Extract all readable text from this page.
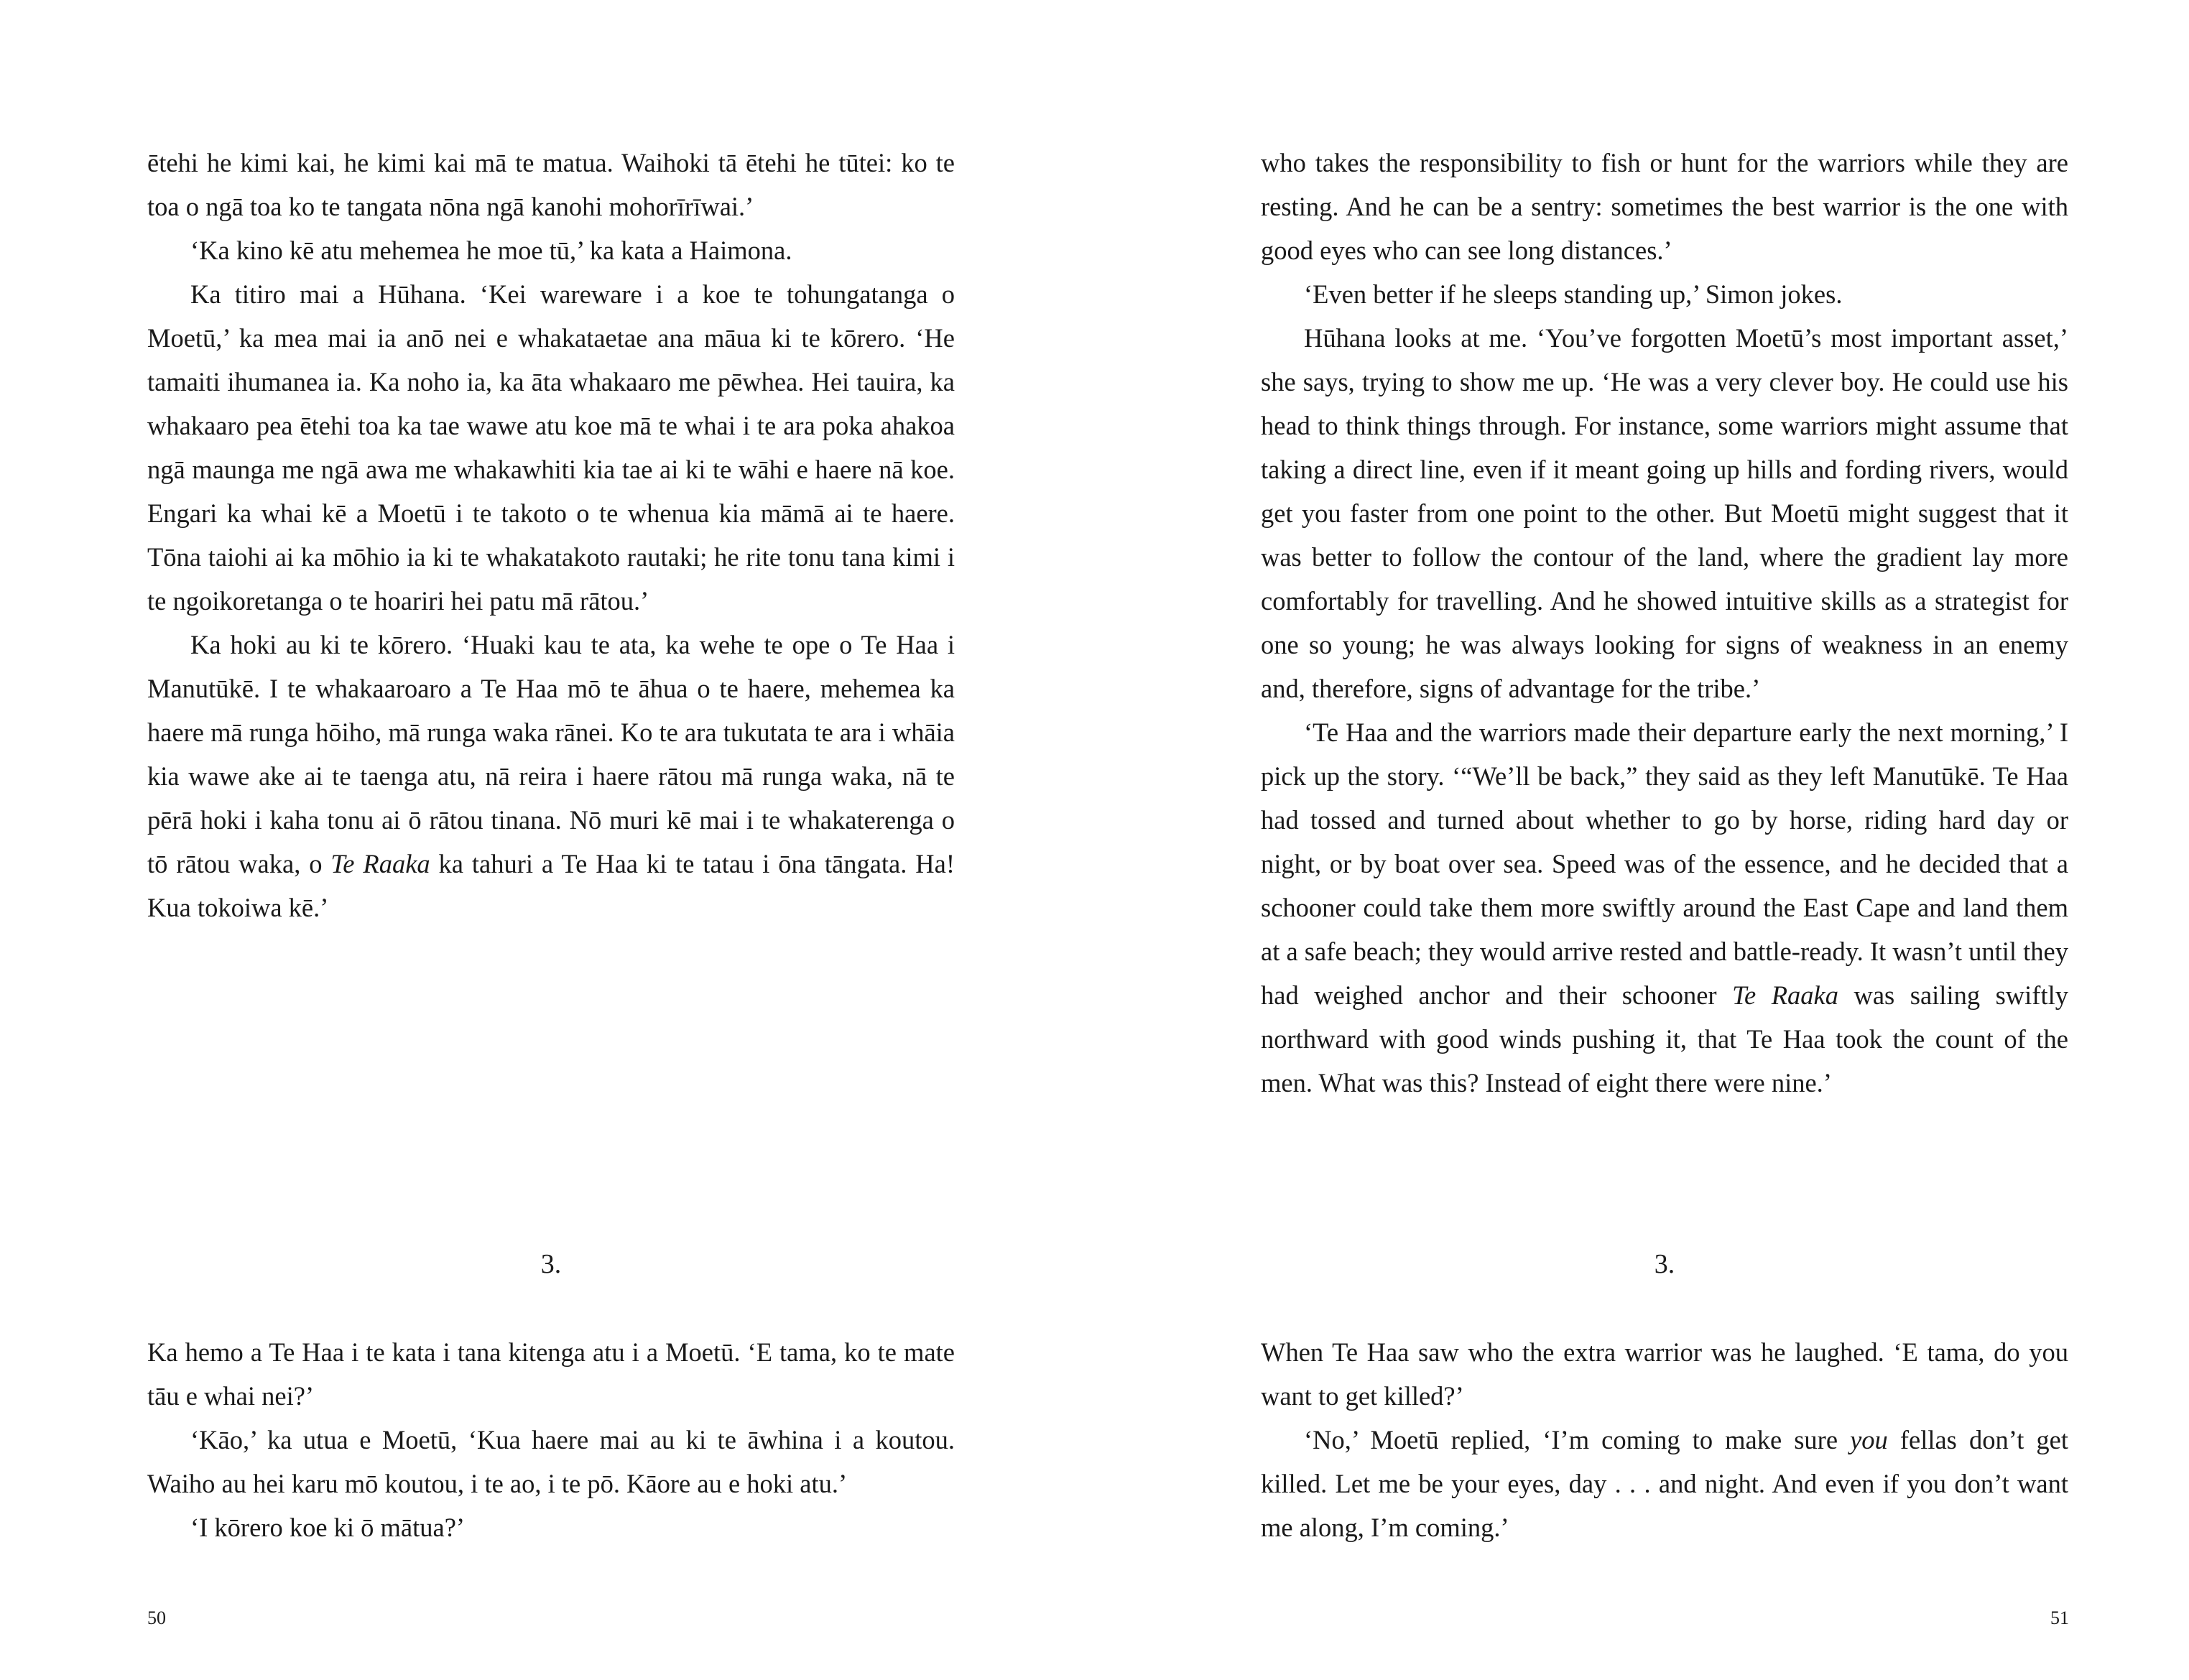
ētehi he kimi kai, he kimi kai mā te matua. Waihoki tā ētehi he tūtei: ko te toa o ngā toa ko te tangata nōna ngā kanohi mohorīrīwai.’

‘Ka kino kē atu mehemea he moe tū,’ ka kata a Haimona.

Ka titiro mai a Hūhana. ‘Kei wareware i a koe te tohungatanga o Moetū,’ ka mea mai ia anō nei e whakataetae ana māua ki te kōrero. ‘He tamaiti ihumanea ia. Ka noho ia, ka āta whakaaro me pēwhea. Hei tauira, ka whakaaro pea ētehi toa ka tae wawe atu koe mā te whai i te ara poka ahakoa ngā maunga me ngā awa me whakawhiti kia tae ai ki te wāhi e haere nā koe. Engari ka whai kē a Moetū i te takoto o te whenua kia māmā ai te haere. Tōna taiohi ai ka mōhio ia ki te whakatakoto rautaki; he rite tonu tana kimi i te ngoikoretanga o te hoariri hei patu mā rātou.’

Ka hoki au ki te kōrero. ‘Huaki kau te ata, ka wehe te ope o Te Haa i Manutūkē. I te whakaaroaro a Te Haa mō te āhua o te haere, mehemea ka haere mā runga hōiho, mā runga waka rānei. Ko te ara tukutata te ara i whāia kia wawe ake ai te taenga atu, nā reira i haere rātou mā runga waka, nā te pērā hoki i kaha tonu ai ō rātou tinana. Nō muri kē mai i te whakaterenga o tō rātou waka, o Te Raaka ka tahuri a Te Haa ki te tatau i ōna tāngata. Ha! Kua tokoiwa kē.’

3.

Ka hemo a Te Haa i te kata i tana kitenga atu i a Moetū. ‘E tama, ko te mate tāu e whai nei?’

‘Kāo,’ ka utua e Moetū, ‘Kua haere mai au ki te āwhina i a koutou. Waiho au hei karu mō koutou, i te ao, i te pō. Kāore au e hoki atu.’

‘I kōrero koe ki ō mātua?’

50

who takes the responsibility to fish or hunt for the warriors while they are resting. And he can be a sentry: sometimes the best warrior is the one with good eyes who can see long distances.’

‘Even better if he sleeps standing up,’ Simon jokes.

Hūhana looks at me. ‘You’ve forgotten Moetū’s most important asset,’ she says, trying to show me up. ‘He was a very clever boy. He could use his head to think things through. For instance, some warriors might assume that taking a direct line, even if it meant going up hills and fording rivers, would get you faster from one point to the other. But Moetū might suggest that it was better to follow the contour of the land, where the gradient lay more comfortably for travelling. And he showed intuitive skills as a strategist for one so young; he was always looking for signs of weakness in an enemy and, therefore, signs of advantage for the tribe.’

‘Te Haa and the warriors made their departure early the next morning,’ I pick up the story. ‘“We’ll be back,” they said as they left Manutūkē. Te Haa had tossed and turned about whether to go by horse, riding hard day or night, or by boat over sea. Speed was of the essence, and he decided that a schooner could take them more swiftly around the East Cape and land them at a safe beach; they would arrive rested and battle-ready. It wasn’t until they had weighed anchor and their schooner Te Raaka was sailing swiftly northward with good winds pushing it, that Te Haa took the count of the men. What was this? Instead of eight there were nine.’

3.

When Te Haa saw who the extra warrior was he laughed. ‘E tama, do you want to get killed?’

‘No,’ Moetū replied, ‘I’m coming to make sure you fellas don’t get killed. Let me be your eyes, day . . . and night. And even if you don’t want me along, I’m coming.’

51
